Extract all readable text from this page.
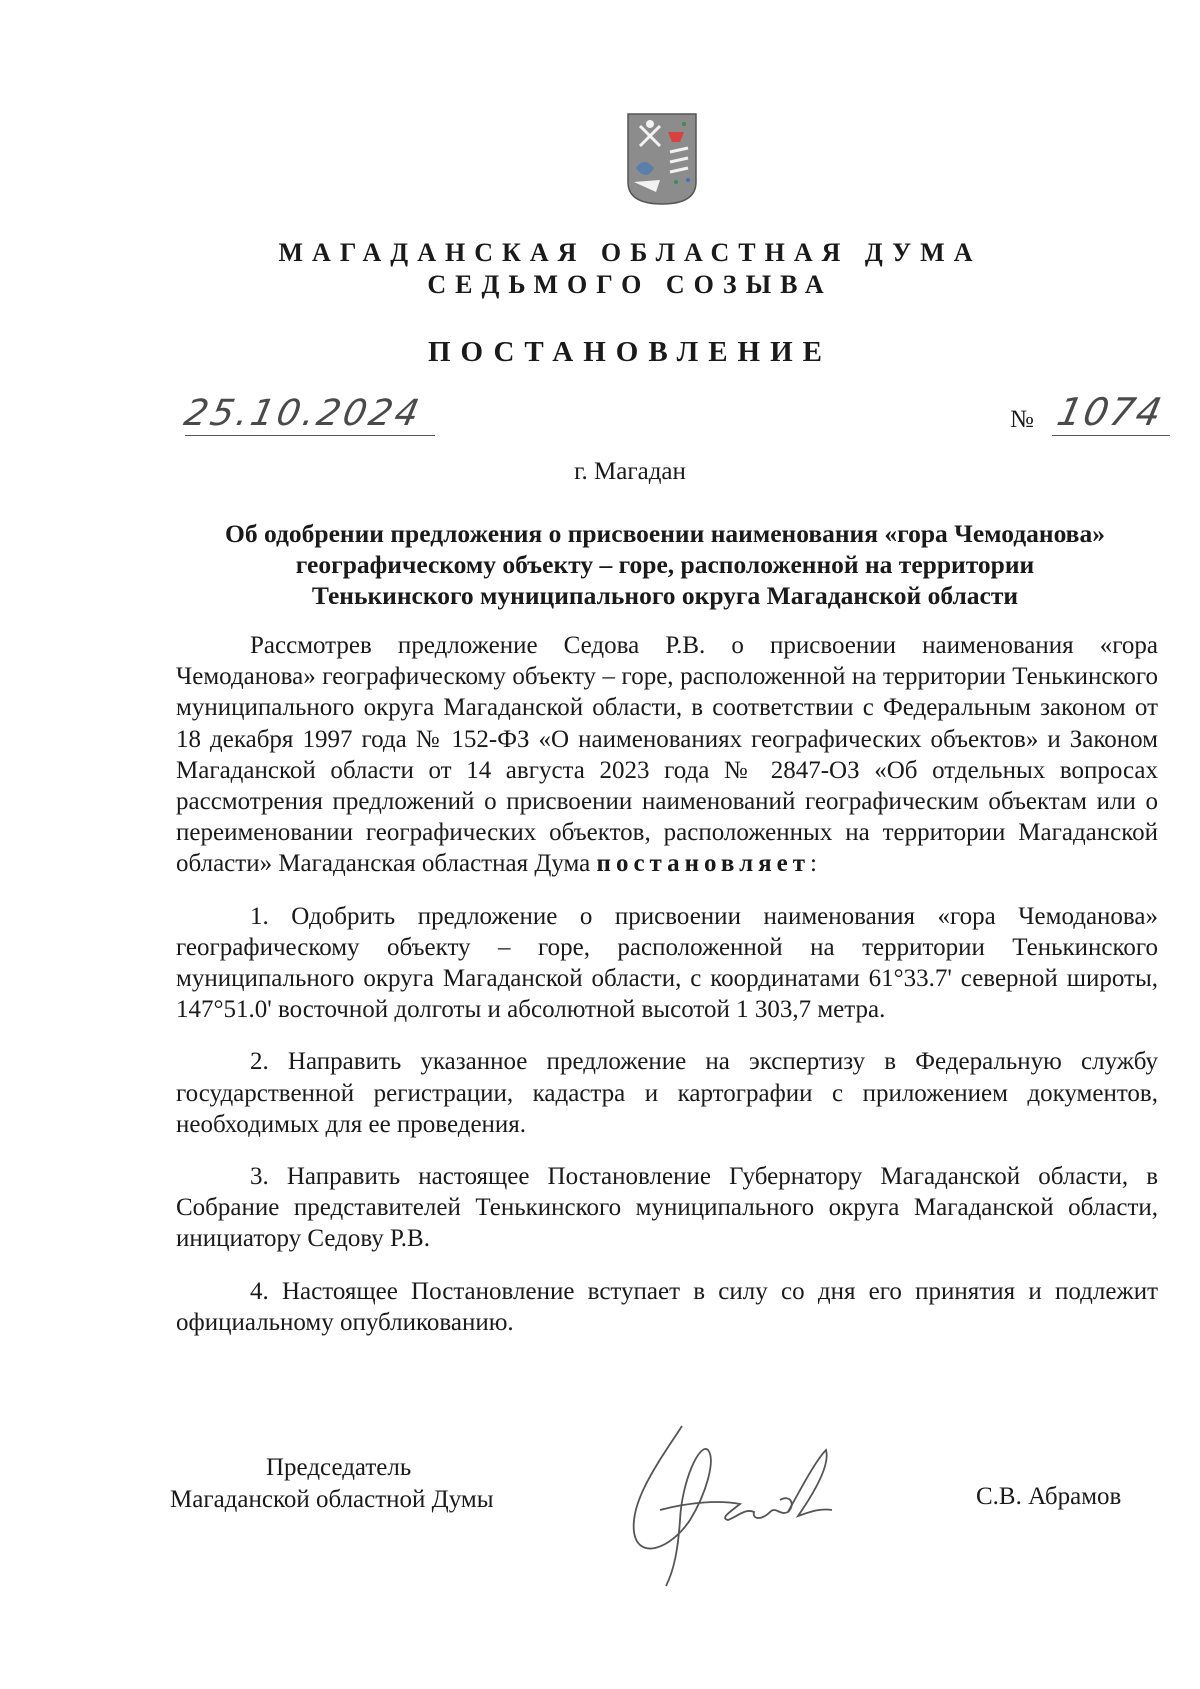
МАГАДАНСКАЯ ОБЛАСТНАЯ ДУМА
СЕДЬМОГО СОЗЫВА
ПОСТАНОВЛЕНИЕ
25.10.2024	№ 1074
г. Магадан
Об одобрении предложения о присвоении наименования «гора Чемоданова»
географическому объекту – горе, расположенной на территории
Тенькинского муниципального округа Магаданской области

Рассмотрев предложение Седова Р.В. о присвоении наименования «гора Чемоданова» географическому объекту – горе, расположенной на территории Тенькинского муниципального округа Магаданской области, в соответствии с Федеральным законом от 18 декабря 1997 года № 152-ФЗ «О наименованиях географических объектов» и Законом Магаданской области от 14 августа 2023 года № 2847-ОЗ «Об отдельных вопросах рассмотрения предложений о присвоении наименований географическим объектам или о переименовании географических объектов, расположенных на территории Магаданской области» Магаданская областная Дума постановляет:

1. Одобрить предложение о присвоении наименования «гора Чемоданова» географическому объекту – горе, расположенной на территории Тенькинского муниципального округа Магаданской области, с координатами 61°33.7' северной широты, 147°51.0' восточной долготы и абсолютной высотой 1 303,7 метра.

2. Направить указанное предложение на экспертизу в Федеральную службу государственной регистрации, кадастра и картографии с приложением документов, необходимых для ее проведения.

3. Направить настоящее Постановление Губернатору Магаданской области, в Собрание представителей Тенькинского муниципального округа Магаданской области, инициатору Седову Р.В.

4. Настоящее Постановление вступает в силу со дня его принятия и подлежит официальному опубликованию.

Председатель
Магаданской областной Думы	С.В. Абрамов
